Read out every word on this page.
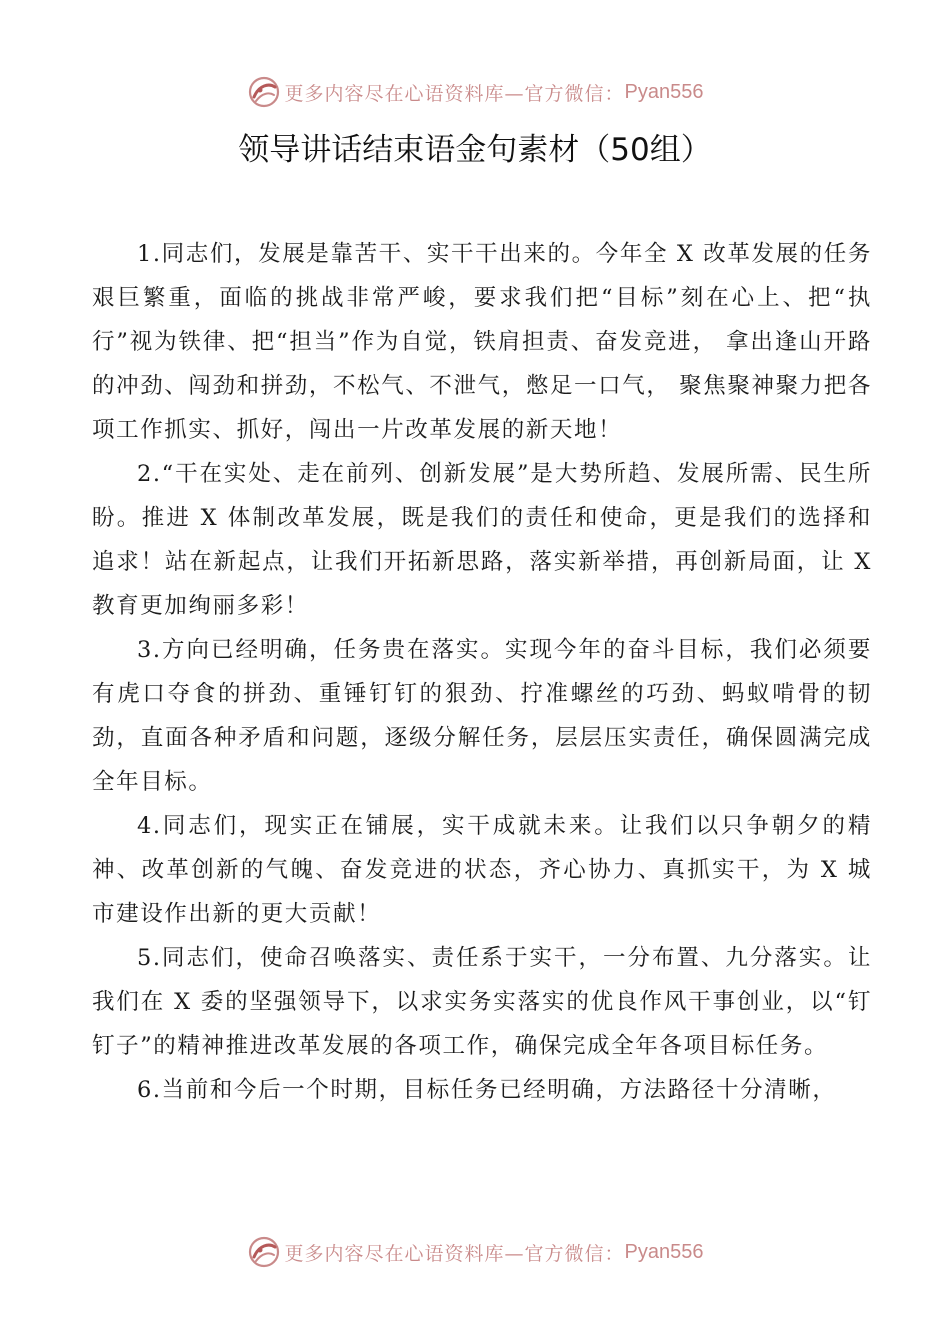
更多内容尽在心语资料库—官方微信： Pyan556
领导讲话结束语金句素材（50组）

1.同志们，发展是靠苦干、实干干出来的。今年全 X 改革发展的任务艰巨繁重，面临的挑战非常严峻，要求我们把“目标”刻在心上、把“执行”视为铁律、把“担当”作为自觉，铁肩担责、奋发竞进， 拿出逢山开路的冲劲、闯劲和拼劲，不松气、不泄气，憋足一口气， 聚焦聚神聚力把各项工作抓实、抓好，闯出一片改革发展的新天地！

2.“干在实处、走在前列、创新发展”是大势所趋、发展所需、民生所盼。推进 X 体制改革发展，既是我们的责任和使命，更是我们的选择和追求！站在新起点，让我们开拓新思路，落实新举措，再创新局面，让 X 教育更加绚丽多彩！

3.方向已经明确，任务贵在落实。实现今年的奋斗目标，我们必须要有虎口夺食的拼劲、重锤钉钉的狠劲、拧准螺丝的巧劲、蚂蚁啃骨的韧劲，直面各种矛盾和问题，逐级分解任务，层层压实责任，确保圆满完成全年目标。

4.同志们，现实正在铺展，实干成就未来。让我们以只争朝夕的精神、改革创新的气魄、奋发竞进的状态，齐心协力、真抓实干，为 X 城市建设作出新的更大贡献！

5.同志们，使命召唤落实、责任系于实干，一分布置、九分落实。让我们在 X 委的坚强领导下，以求实务实落实的优良作风干事创业，以“钉钉子”的精神推进改革发展的各项工作，确保完成全年各项目标任务。

6.当前和今后一个时期，目标任务已经明确，方法路径十分清晰，

更多内容尽在心语资料库—官方微信： Pyan556
